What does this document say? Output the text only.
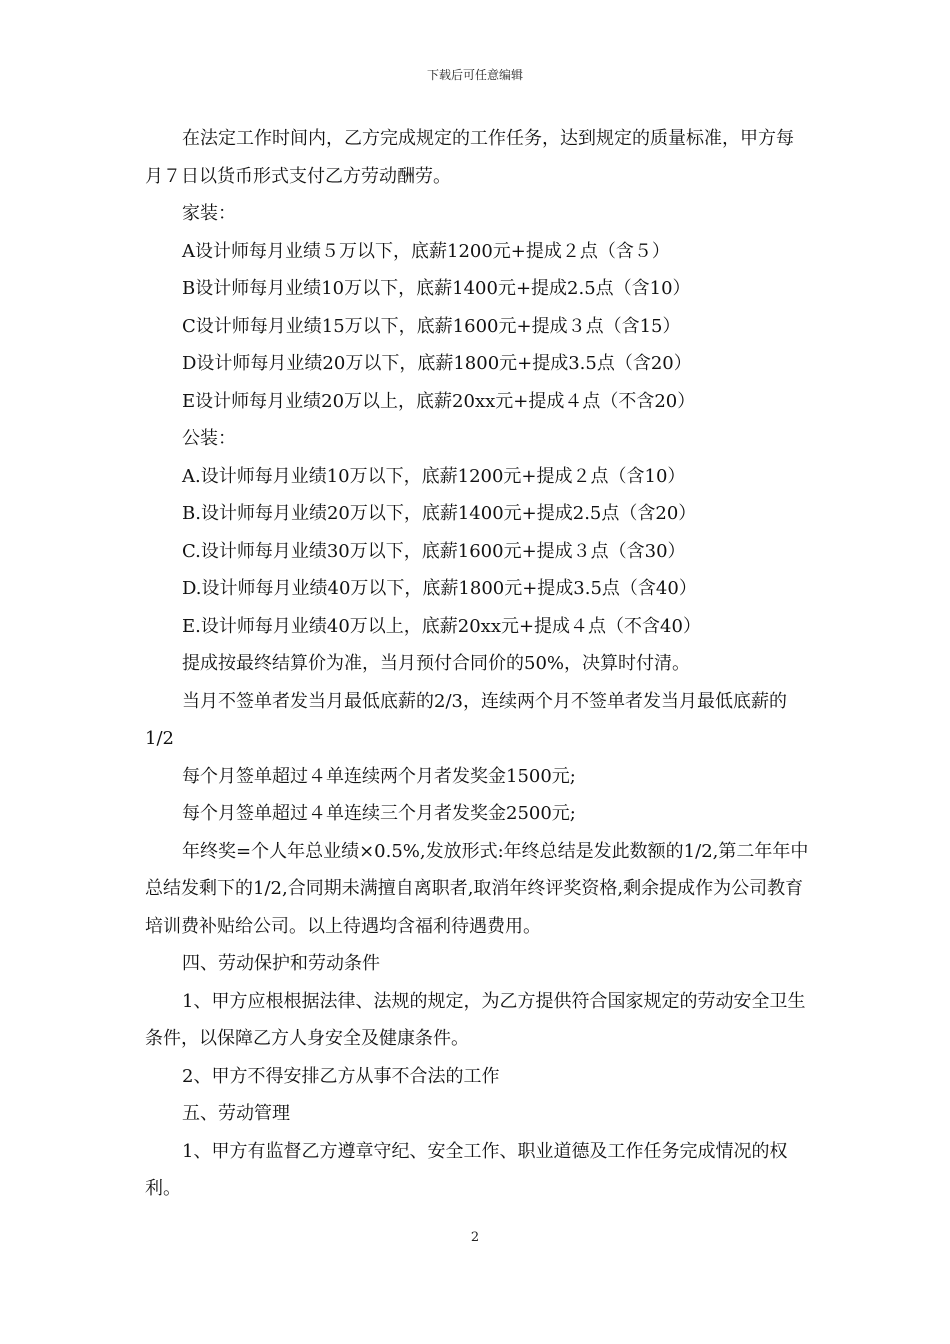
下载后可任意编辑

在法定工作时间内，乙方完成规定的工作任务，达到规定的质量标准，甲方每月７日以货币形式支付乙方劳动酬劳。

家装：

A设计师每月业绩５万以下，底薪1200元+提成２点（含５）

B设计师每月业绩10万以下，底薪1400元+提成2.5点（含10）

C设计师每月业绩15万以下，底薪1600元+提成３点（含15）

D设计师每月业绩20万以下，底薪1800元+提成3.5点（含20）

E设计师每月业绩20万以上，底薪20xx元+提成４点（不含20）

公装：

A.设计师每月业绩10万以下，底薪1200元+提成２点（含10）

B.设计师每月业绩20万以下，底薪1400元+提成2.5点（含20）

C.设计师每月业绩30万以下，底薪1600元+提成３点（含30）

D.设计师每月业绩40万以下，底薪1800元+提成3.5点（含40）

E.设计师每月业绩40万以上，底薪20xx元+提成４点（不含40）

提成按最终结算价为准，当月预付合同价的50%，决算时付清。

当月不签单者发当月最低底薪的2/3，连续两个月不签单者发当月最低底薪的1/2

每个月签单超过４单连续两个月者发奖金1500元;

每个月签单超过４单连续三个月者发奖金2500元;

年终奖=个人年总业绩×0.5%,发放形式:年终总结是发此数额的1/2,第二年年中总结发剩下的1/2,合同期未满擅自离职者,取消年终评奖资格,剩余提成作为公司教育培训费补贴给公司。以上待遇均含福利待遇费用。

四、劳动保护和劳动条件

1、甲方应根根据法律、法规的规定，为乙方提供符合国家规定的劳动安全卫生条件，以保障乙方人身安全及健康条件。

2、甲方不得安排乙方从事不合法的工作

五、劳动管理

1、甲方有监督乙方遵章守纪、安全工作、职业道德及工作任务完成情况的权利。

2
